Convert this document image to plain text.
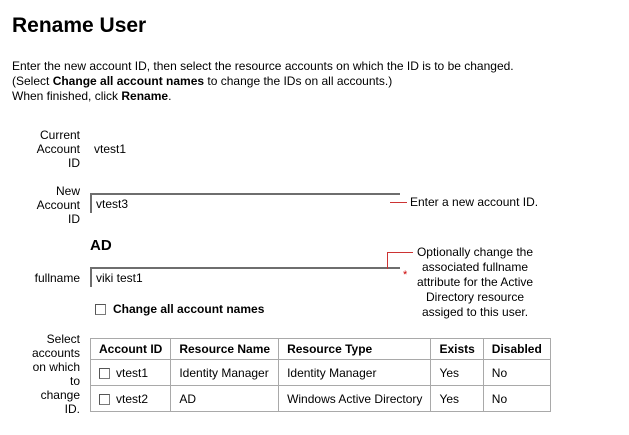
Rename User
Enter the new account ID, then select the resource accounts on which the ID is to be changed.
(Select Change all account names to change the IDs on all accounts.)
When finished, click Rename.
Current
Account
ID
vtest1
New
Account
ID
vtest3
Enter a new account ID.
AD
fullname
viki test1	*
Optionally change the
associated fullname
attribute for the Active
Directory resource
assiged to this user.
Change all account names
Select
accounts
on which
to
change
ID.
Account ID	Resource Name	Resource Type	Exists	Disabled
vtest1	Identity Manager	Identity Manager	Yes	No
vtest2	AD	Windows Active Directory	Yes	No
